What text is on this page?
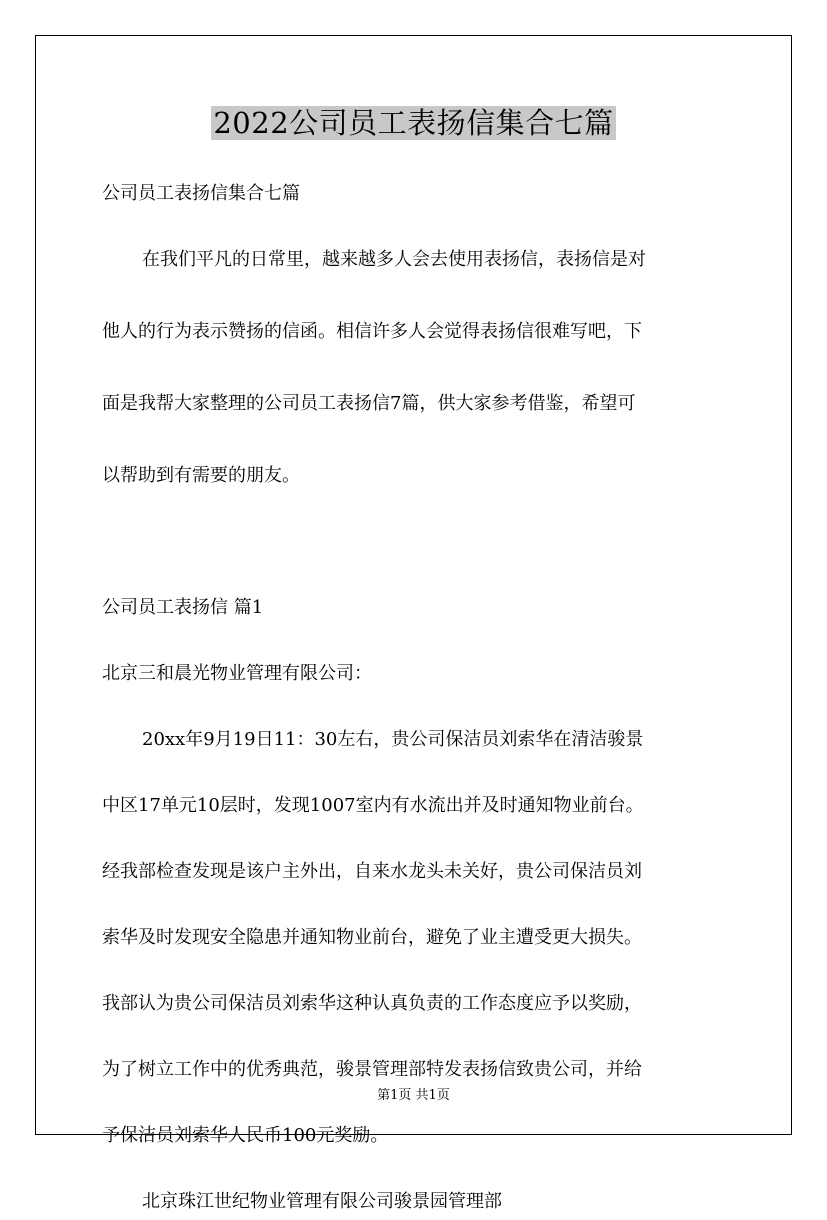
2022公司员工表扬信集合七篇
公司员工表扬信集合七篇
在我们平凡的日常里，越来越多人会去使用表扬信，表扬信是对
他人的行为表示赞扬的信函。相信许多人会觉得表扬信很难写吧，下
面是我帮大家整理的公司员工表扬信7篇，供大家参考借鉴，希望可
以帮助到有需要的朋友。
公司员工表扬信 篇1
北京三和晨光物业管理有限公司：
20xx年9月19日11：30左右，贵公司保洁员刘索华在清洁骏景
中区17单元10层时，发现1007室内有水流出并及时通知物业前台。
经我部检查发现是该户主外出，自来水龙头未关好，贵公司保洁员刘
索华及时发现安全隐患并通知物业前台，避免了业主遭受更大损失。
我部认为贵公司保洁员刘索华这种认真负责的工作态度应予以奖励，
为了树立工作中的优秀典范，骏景管理部特发表扬信致贵公司，并给
予保洁员刘索华人民币100元奖励。
北京珠江世纪物业管理有限公司骏景园管理部
第1页 共1页
